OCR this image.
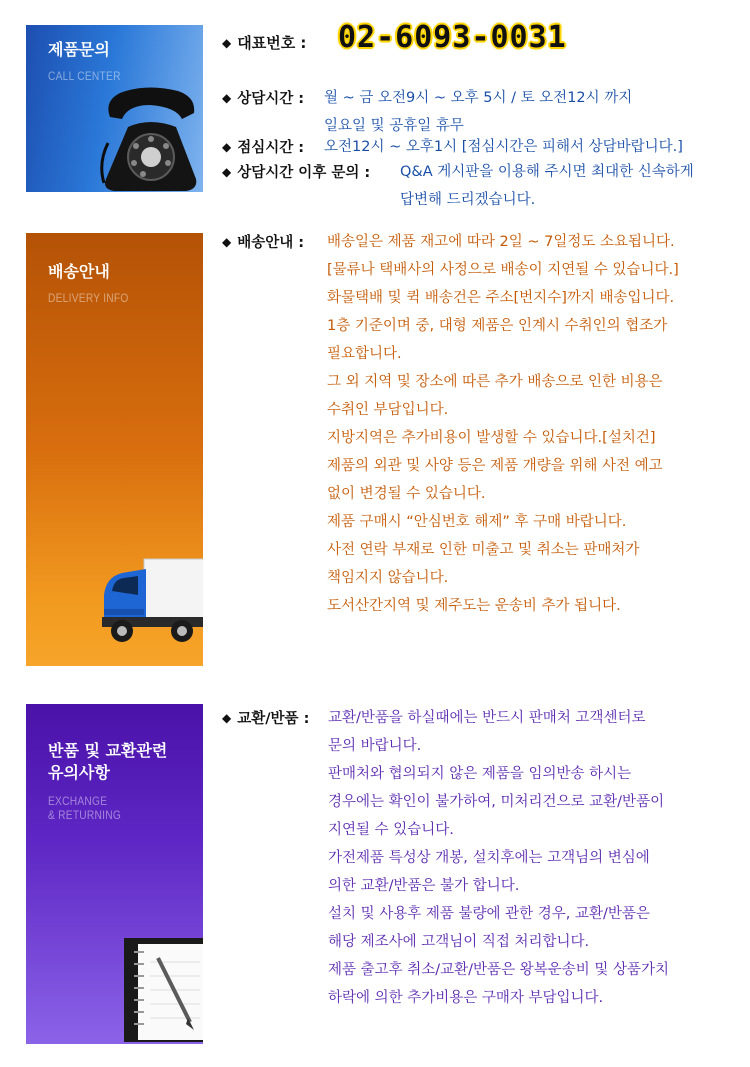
제품문의
CALL CENTER
◆ 대표번호 : 02-6093-0031
◆ 상담시간 : 월 ~ 금 오전9시 ~ 오후 5시 / 토 오전12시 까지
일요일 및 공휴일 휴무
◆ 점심시간 : 오전12시 ~ 오후1시 [점심시간은 피해서 상담바랍니다.]
◆ 상담시간 이후 문의 : Q&A 게시판을 이용해 주시면 최대한 신속하게
답변해 드리겠습니다.
배송안내
DELIVERY INFO
◆ 배송안내 : 배송일은 제품 재고에 따라 2일 ~ 7일정도 소요됩니다.
[물류나 택배사의 사정으로 배송이 지연될 수 있습니다.]
화물택배 및 퀵 배송건은 주소[번지수]까지 배송입니다.
1층 기준이며 중, 대형 제품은 인계시 수취인의 협조가
필요합니다.
그 외 지역 및 장소에 따른 추가 배송으로 인한 비용은
수취인 부담입니다.
지방지역은 추가비용이 발생할 수 있습니다.[설치건]
제품의 외관 및 사양 등은 제품 개량을 위해 사전 예고
없이 변경될 수 있습니다.
제품 구매시 “안심번호 해제” 후 구매 바랍니다.
사전 연락 부재로 인한 미출고 및 취소는 판매처가
책임지지 않습니다.
도서산간지역 및 제주도는 운송비 추가 됩니다.
반품 및 교환관련
유의사항
EXCHANGE
& RETURNING
◆ 교환/반품 : 교환/반품을 하실때에는 반드시 판매처 고객센터로
문의 바랍니다.
판매처와 협의되지 않은 제품을 임의반송 하시는
경우에는 확인이 불가하여, 미처리건으로 교환/반품이
지연될 수 있습니다.
가전제품 특성상 개봉, 설치후에는 고객님의 변심에
의한 교환/반품은 불가 합니다.
설치 및 사용후 제품 불량에 관한 경우, 교환/반품은
해당 제조사에 고객님이 직접 처리합니다.
제품 출고후 취소/교환/반품은 왕복운송비 및 상품가치
하락에 의한 추가비용은 구매자 부담입니다.
